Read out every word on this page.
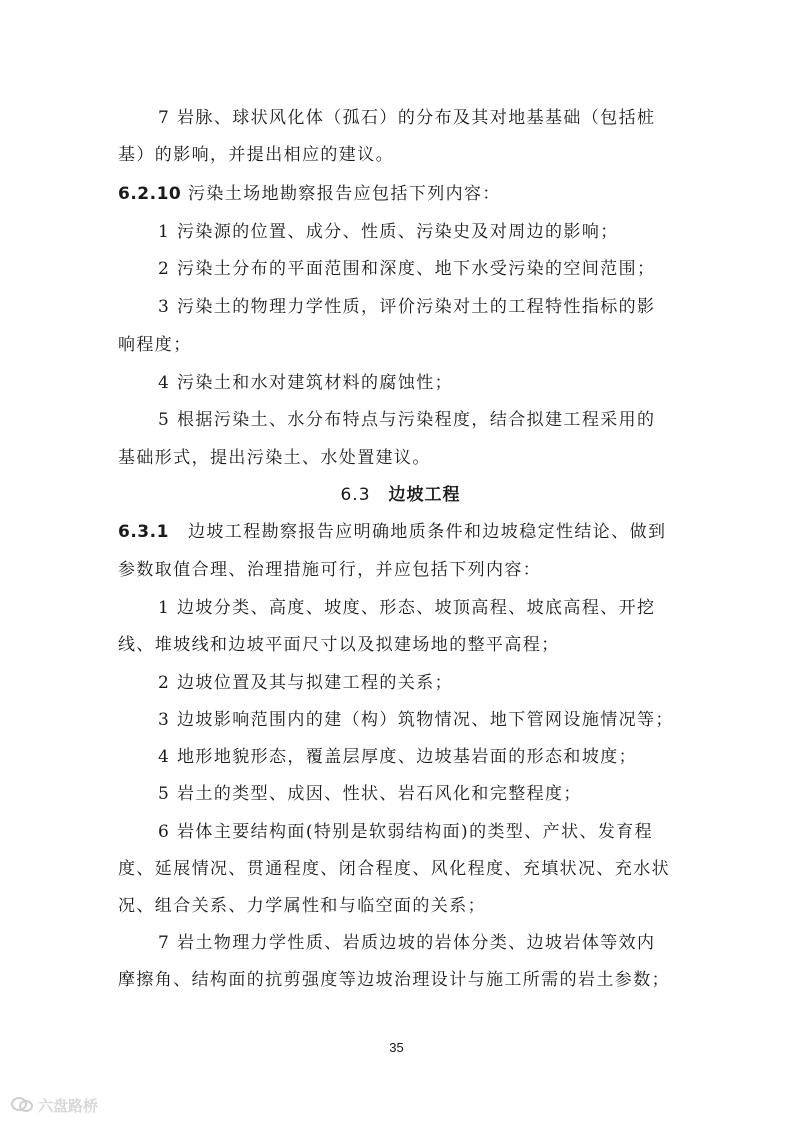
7 岩脉、球状风化体（孤石）的分布及其对地基基础（包括桩
基）的影响，并提出相应的建议。
6.2.10 污染土场地勘察报告应包括下列内容：
1 污染源的位置、成分、性质、污染史及对周边的影响；
2 污染土分布的平面范围和深度、地下水受污染的空间范围；
3 污染土的物理力学性质，评价污染对土的工程特性指标的影
响程度；
4 污染土和水对建筑材料的腐蚀性；
5 根据污染土、水分布特点与污染程度，结合拟建工程采用的
基础形式，提出污染土、水处置建议。
6.3 边坡工程
6.3.1 边坡工程勘察报告应明确地质条件和边坡稳定性结论、做到
参数取值合理、治理措施可行，并应包括下列内容：
1 边坡分类、高度、坡度、形态、坡顶高程、坡底高程、开挖
线、堆坡线和边坡平面尺寸以及拟建场地的整平高程；
2 边坡位置及其与拟建工程的关系；
3 边坡影响范围内的建（构）筑物情况、地下管网设施情况等；
4 地形地貌形态，覆盖层厚度、边坡基岩面的形态和坡度；
5 岩土的类型、成因、性状、岩石风化和完整程度；
6 岩体主要结构面(特别是软弱结构面)的类型、产状、发育程
度、延展情况、贯通程度、闭合程度、风化程度、充填状况、充水状
况、组合关系、力学属性和与临空面的关系；
7 岩土物理力学性质、岩质边坡的岩体分类、边坡岩体等效内
摩擦角、结构面的抗剪强度等边坡治理设计与施工所需的岩土参数；
35
六盘路桥
